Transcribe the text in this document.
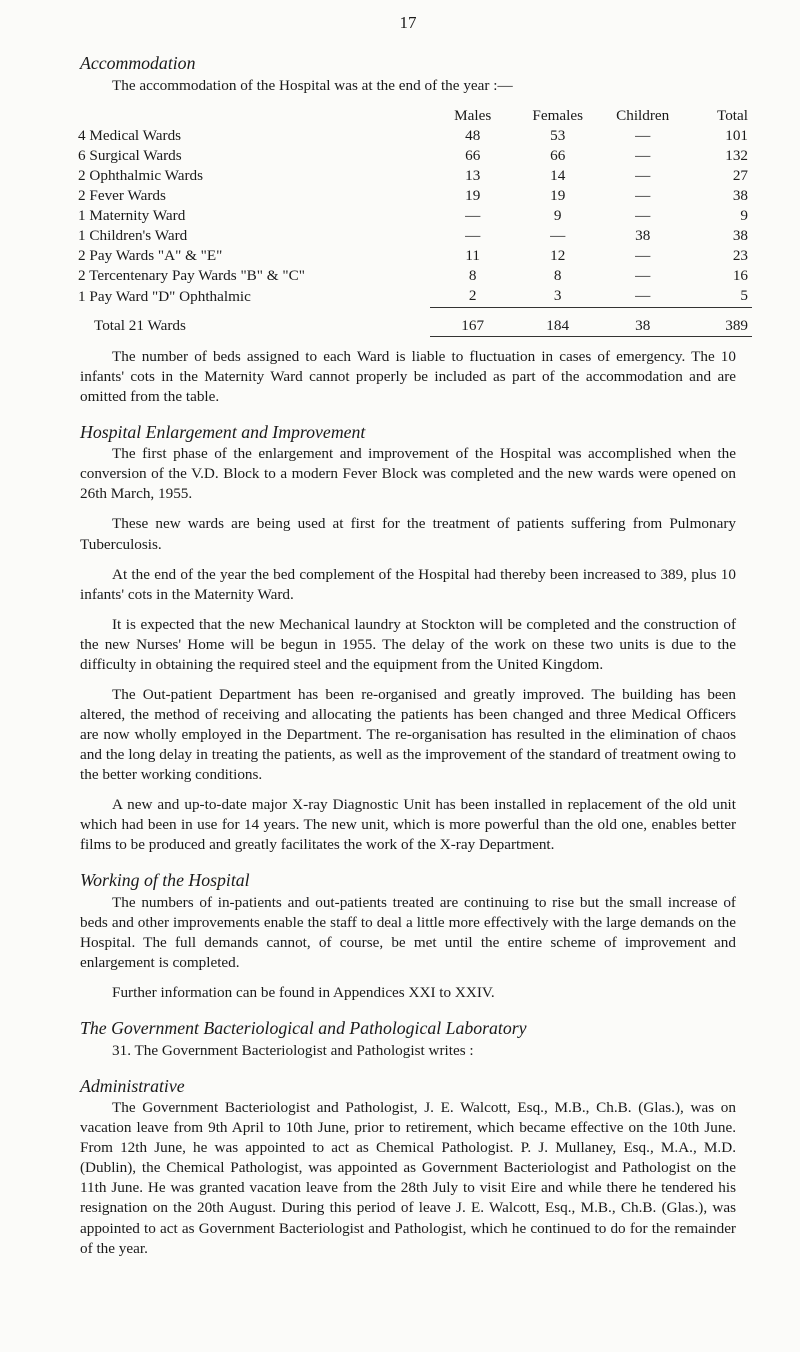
17
Accommodation

The accommodation of the Hospital was at the end of the year :—

	Males	Females	Children	Total
4 Medical Wards	48	53	—	101
6 Surgical Wards	66	66	—	132
2 Ophthalmic Wards	13	14	—	27
2 Fever Wards	19	19	—	38
1 Maternity Ward	—	9	—	9
1 Children's Ward	—	—	38	38
2 Pay Wards "A" & "E"	11	12	—	23
2 Tercentenary Pay Wards "B" & "C"	8	8	—	16
1 Pay Ward "D" Ophthalmic	2	3	—	5

Total 21 Wards	167	184	38	389

The number of beds assigned to each Ward is liable to fluctuation in cases of emergency. The 10 infants' cots in the Maternity Ward cannot properly be included as part of the accommodation and are omitted from the table.

Hospital Enlargement and Improvement

The first phase of the enlargement and improvement of the Hospital was accomplished when the conversion of the V.D. Block to a modern Fever Block was completed and the new wards were opened on 26th March, 1955.

These new wards are being used at first for the treatment of patients suffering from Pulmonary Tuberculosis.

At the end of the year the bed complement of the Hospital had thereby been increased to 389, plus 10 infants' cots in the Maternity Ward.

It is expected that the new Mechanical laundry at Stockton will be completed and the construction of the new Nurses' Home will be begun in 1955. The delay of the work on these two units is due to the difficulty in obtaining the required steel and the equipment from the United Kingdom.

The Out-patient Department has been re-organised and greatly improved. The building has been altered, the method of receiving and allocating the patients has been changed and three Medical Officers are now wholly employed in the Department. The re-organisation has resulted in the elimination of chaos and the long delay in treating the patients, as well as the improvement of the standard of treatment owing to the better working conditions.

A new and up-to-date major X-ray Diagnostic Unit has been installed in replacement of the old unit which had been in use for 14 years. The new unit, which is more powerful than the old one, enables better films to be produced and greatly facilitates the work of the X-ray Department.

Working of the Hospital

The numbers of in-patients and out-patients treated are continuing to rise but the small increase of beds and other improvements enable the staff to deal a little more effectively with the large demands on the Hospital. The full demands cannot, of course, be met until the entire scheme of improvement and enlargement is completed.

Further information can be found in Appendices XXI to XXIV.

The Government Bacteriological and Pathological Laboratory

31. The Government Bacteriologist and Pathologist writes :

Administrative

The Government Bacteriologist and Pathologist, J. E. Walcott, Esq., M.B., Ch.B. (Glas.), was on vacation leave from 9th April to 10th June, prior to retirement, which became effective on the 10th June. From 12th June, he was appointed to act as Chemical Pathologist. P. J. Mullaney, Esq., M.A., M.D. (Dublin), the Chemical Pathologist, was appointed as Government Bacteriologist and Pathologist on the 11th June. He was granted vacation leave from the 28th July to visit Eire and while there he tendered his resignation on the 20th August. During this period of leave J. E. Walcott, Esq., M.B., Ch.B. (Glas.), was appointed to act as Government Bacteriologist and Pathologist, which he continued to do for the remainder of the year.
